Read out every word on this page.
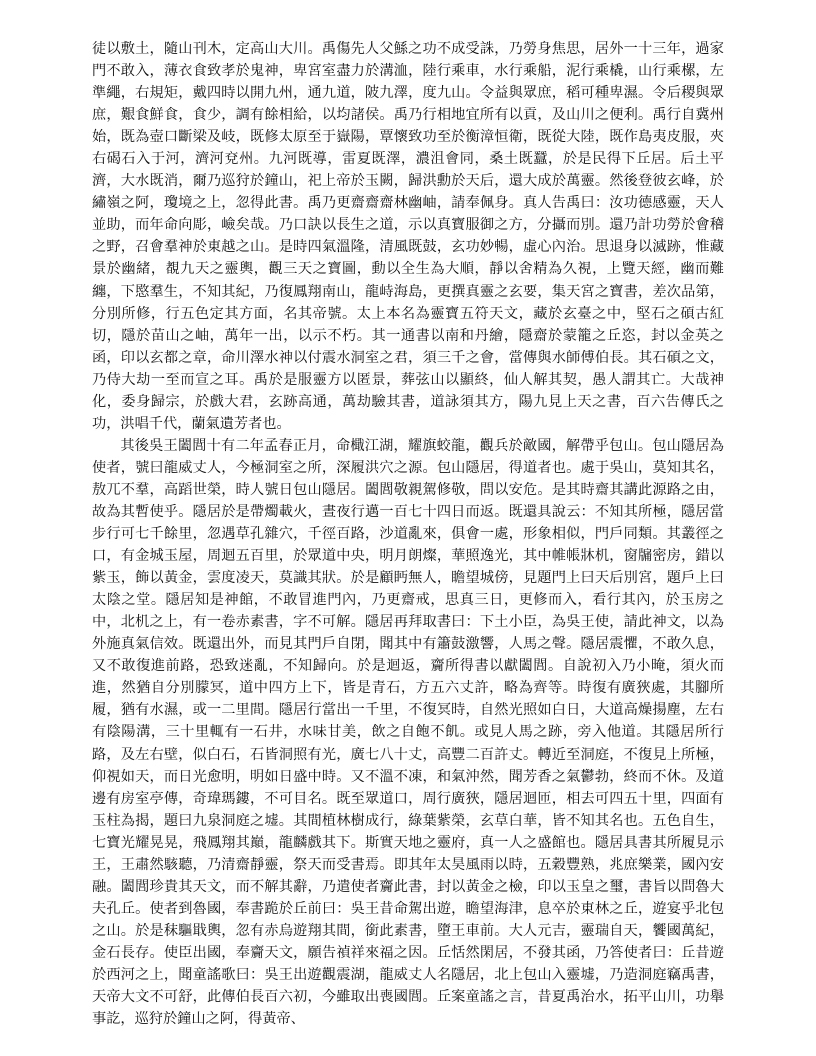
徒以敷土，隨山刊木，定高山大川。禹傷先人父鯀之功不成受誅，乃勞身焦思，居外一十三年，過家門不敢入，薄衣食致孝於鬼神，卑宮室盡力於溝洫，陸行乘車，水行乘船，泥行乘橇，山行乘樏，左準繩，右規矩，戴四時以開九州，通九道，陂九澤，度九山。令益與眾庶，稻可種卑濕。令后稷與眾庶，艱食鮮食，食少，調有餘相給，以均諸侯。禹乃行相地宜所有以貢，及山川之便利。禹行自冀州始，既為壺口斷梁及岐，既修太原至于嶽陽，覃懷致功至於衡漳恒衛，既從大陸，既作島夷皮服，夾右碣石入于河，濟河兗州。九河既導，雷夏既澤，濃沮會同，桑土既蠶，於是民得下丘居。后土平濟，大水既消，爾乃巡狩於鐘山，祀上帝於玉闕，歸洪勳於天后，還大成於萬靈。然後登彼玄峰，於繡嶺之阿，瓊境之上，忽得此書。禹乃更齋齋齋林幽岫，請奉佩身。真人告禹曰：汝功德感靈，天人並助，而年命向彫，嶮矣哉。乃口訣以長生之道，示以真寶服御之方，分攝而別。還乃計功勞於會稽之野，召會羣神於東越之山。是時四氣溫隆，清風既鼓，玄功妙暢，虛心內治。思退身以滅跡，惟藏景於幽緒，覩九天之靈輿，觀三天之寶圖，動以全生為大順，靜以舍精為久視，上覽天經，幽而難纏，下愍羣生，不知其紀，乃復鳳翔南山，龍峙海島，更撰真靈之玄要，集天宮之寶書，差次品第，分別所修，行五色定其方面，名其帝號。太上本名為靈寶五符天文，藏於玄臺之中，堅石之碩古紅切，隱於苗山之岫，萬年一出，以示不朽。其一通書以南和丹繪，隱齋於蒙籠之丘恣，封以金英之函，印以玄都之章，命川澤水神以付震水洞室之君，須三千之會，當傳與水師傅伯長。其石碩之文，乃侍大劫一至而宣之耳。禹於是服靈方以匿景，葬弦山以顯終，仙人解其契，愚人謂其亡。大哉神化，委身歸宗，於戲大君，玄跡高通，萬劫驗其書，道詠須其方，陽九見上天之書，百六告傳氏之功，洪唱千代，蘭氣遺芳者也。

其後吳王闔閭十有二年孟春正月，命檝江湖，耀旗蛟龍，觀兵於敵國，解帶乎包山。包山隱居為使者，號曰龍威丈人，今極洞室之所，深履洪穴之源。包山隱居，得道者也。處于吳山，莫知其名，敖兀不羣，高蹈世榮，時人號日包山隱居。闔閭敬親駕修敬，問以安危。是其時齋其講此源路之由，故為其暫使乎。隱居於是帶燭載火，晝夜行邁一百七十四日而返。既還具說云：不知其所極，隱居當步行可七千餘里，忽遇草孔雜穴，千徑百路，沙道亂來，俱會一處，形象相似，門戶同類。其叢徑之口，有金城玉屋，周迴五百里，於眾道中央，明月朗燦，華照逸光，其中帷帳牀机，窗牖密房，錯以紫玉，飾以黃金，雲度凌天，莫識其狀。於是顧眄無人，瞻望城傍，見題門上曰天后別宮，題戶上曰太陰之堂。隱居知是神館，不敢冒進門內，乃更齋戒，思真三日，更修而入，看行其內，於玉房之中，北机之上，有一卷赤素書，字不可解。隱居再拜取書曰：下土小臣，為吳王使，請此神文，以為外施真氣信效。既還出外，而見其門戶自閉，聞其中有簫鼓激響，人馬之聲。隱居震懼，不敢久息，又不敢復進前路，恐致迷亂，不知歸向。於是迴返，齎所得書以獻闔閭。自說初入乃小晻，須火而進，然猶自分別朦冥，道中四方上下，皆是青石，方五六丈許，略為齊等。時復有廣狹處，其腳所履，猶有水濕，或一二里間。隱居行當出一千里，不復冥時，自然光照如白日，大道高燥揚塵，左右有陰陽溝，三十里輒有一石井，水味甘美，飲之自飽不飢。或見人馬之跡，旁入他道。其隱居所行路，及左右壁，似白石，石皆洞照有光，廣七八十丈，高豐二百許丈。轉近至洞庭，不復見上所極，仰視如天，而日光愈明，明如日盛中時。又不溫不凍，和氣沖然，聞芳香之氣鬱勃，終而不休。及道邊有房室亭傳，奇瑋瑪鏤，不可目名。既至眾道口，周行廣狹，隱居迴匝，相去可四五十里，四面有玉柱為揭，題曰九泉洞庭之墟。其間植林樹成行，綠葉紫榮，玄草白華，皆不知其名也。五色自生，七寶光耀晃晃，飛鳳翔其巔，龍麟戲其下。斯實天地之靈府，真一人之盛館也。隱居具書其所履見示王，王肅然駭聽，乃清齋靜靈，祭天而受書焉。即其年太昊風雨以時，五穀豐熟，兆庶樂業，國內安融。闔閭珍貴其天文，而不解其辭，乃遣使者齎此書，封以黃金之檢，印以玉皇之璽，書旨以問魯大夫孔丘。使者到魯國，奉書跪於丘前曰：吳王昔命駕出遊，瞻望海津，息卒於東林之丘，遊宴乎北包之山。於是秣驅戢輿，忽有赤烏遊翔其間，銜此素書，墮王車前。大人元吉，靈瑞自天，饗國萬紀，金石長存。使臣出國，奉齎天文，願告禎祥來福之因。丘恬然閑居，不發其函，乃答使者曰：丘昔遊於西河之上，聞童謠歌曰：吳王出遊觀震湖，龍威丈人名隱居，北上包山入靈墟，乃造洞庭竊禹書，天帝大文不可舒，此傳伯長百六初，今雖取出喪國閭。丘案童謠之言，昔夏禹治水，拓平山川，功舉事訖，巡狩於鐘山之阿，得黃帝、
